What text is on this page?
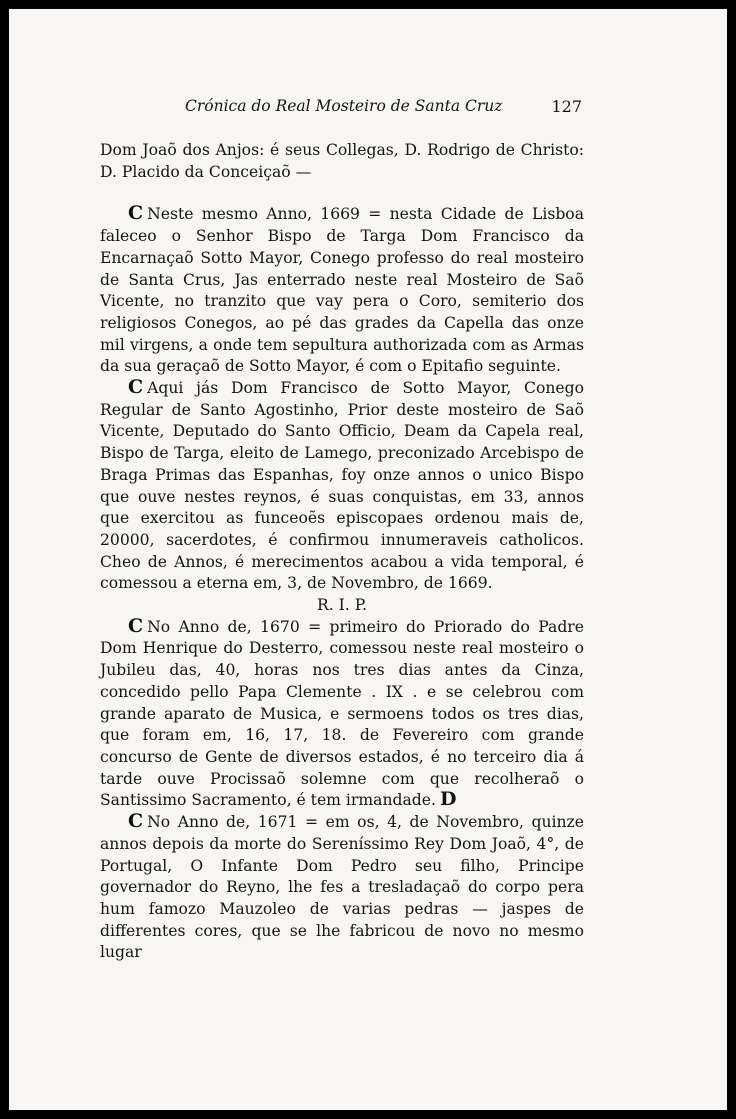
Crónica do Real Mosteiro de Santa Cruz	127

Dom Joaõ dos Anjos: é seus Collegas, D. Rodrigo de Christo: D. Placido da Conceiçaõ —

C Neste mesmo Anno, 1669 = nesta Cidade de Lisboa faleceo o Senhor Bispo de Targa Dom Francisco da Encarnaçaõ Sotto Mayor, Conego professo do real mosteiro de Santa Crus, Jas enterrado neste real Mosteiro de Saõ Vicente, no tranzito que vay pera o Coro, semiterio dos religiosos Conegos, ao pé das grades da Capella das onze mil virgens, a onde tem sepultura authorizada com as Armas da sua geraçaõ de Sotto Mayor, é com o Epitafio seguinte.

C Aqui jás Dom Francisco de Sotto Mayor, Conego Regular de Santo Agostinho, Prior deste mosteiro de Saõ Vicente, Deputado do Santo Officio, Deam da Capela real, Bispo de Targa, eleito de Lamego, preconizado Arcebispo de Braga Primas das Espanhas, foy onze annos o unico Bispo que ouve nestes reynos, é suas conquistas, em 33, annos que exercitou as funceoẽs episcopaes ordenou mais de, 20000, sacerdotes, é confirmou innumeraveis catholicos. Cheo de Annos, é merecimentos acabou a vida temporal, é comessou a eterna em, 3, de Novembro, de 1669.

R. I. P.

C No Anno de, 1670 = primeiro do Priorado do Padre Dom Henrique do Desterro, comessou neste real mosteiro o Jubileu das, 40, horas nos tres dias antes da Cinza, concedido pello Papa Clemente . IX . e se celebrou com grande aparato de Musica, e sermoens todos os tres dias, que foram em, 16, 17, 18. de Fevereiro com grande concurso de Gente de diversos estados, é no terceiro dia á tarde ouve Procissaõ solemne com que recolheraõ o Santissimo Sacramento, é tem irmandade. D

C No Anno de, 1671 = em os, 4, de Novembro, quinze annos depois da morte do Sereníssimo Rey Dom Joaõ, 4°, de Portugal, O Infante Dom Pedro seu filho, Principe governador do Reyno, lhe fes a tresladaçaõ do corpo pera hum famozo Mauzoleo de varias pedras — jaspes de differentes cores, que se lhe fabricou de novo no mesmo lugar
